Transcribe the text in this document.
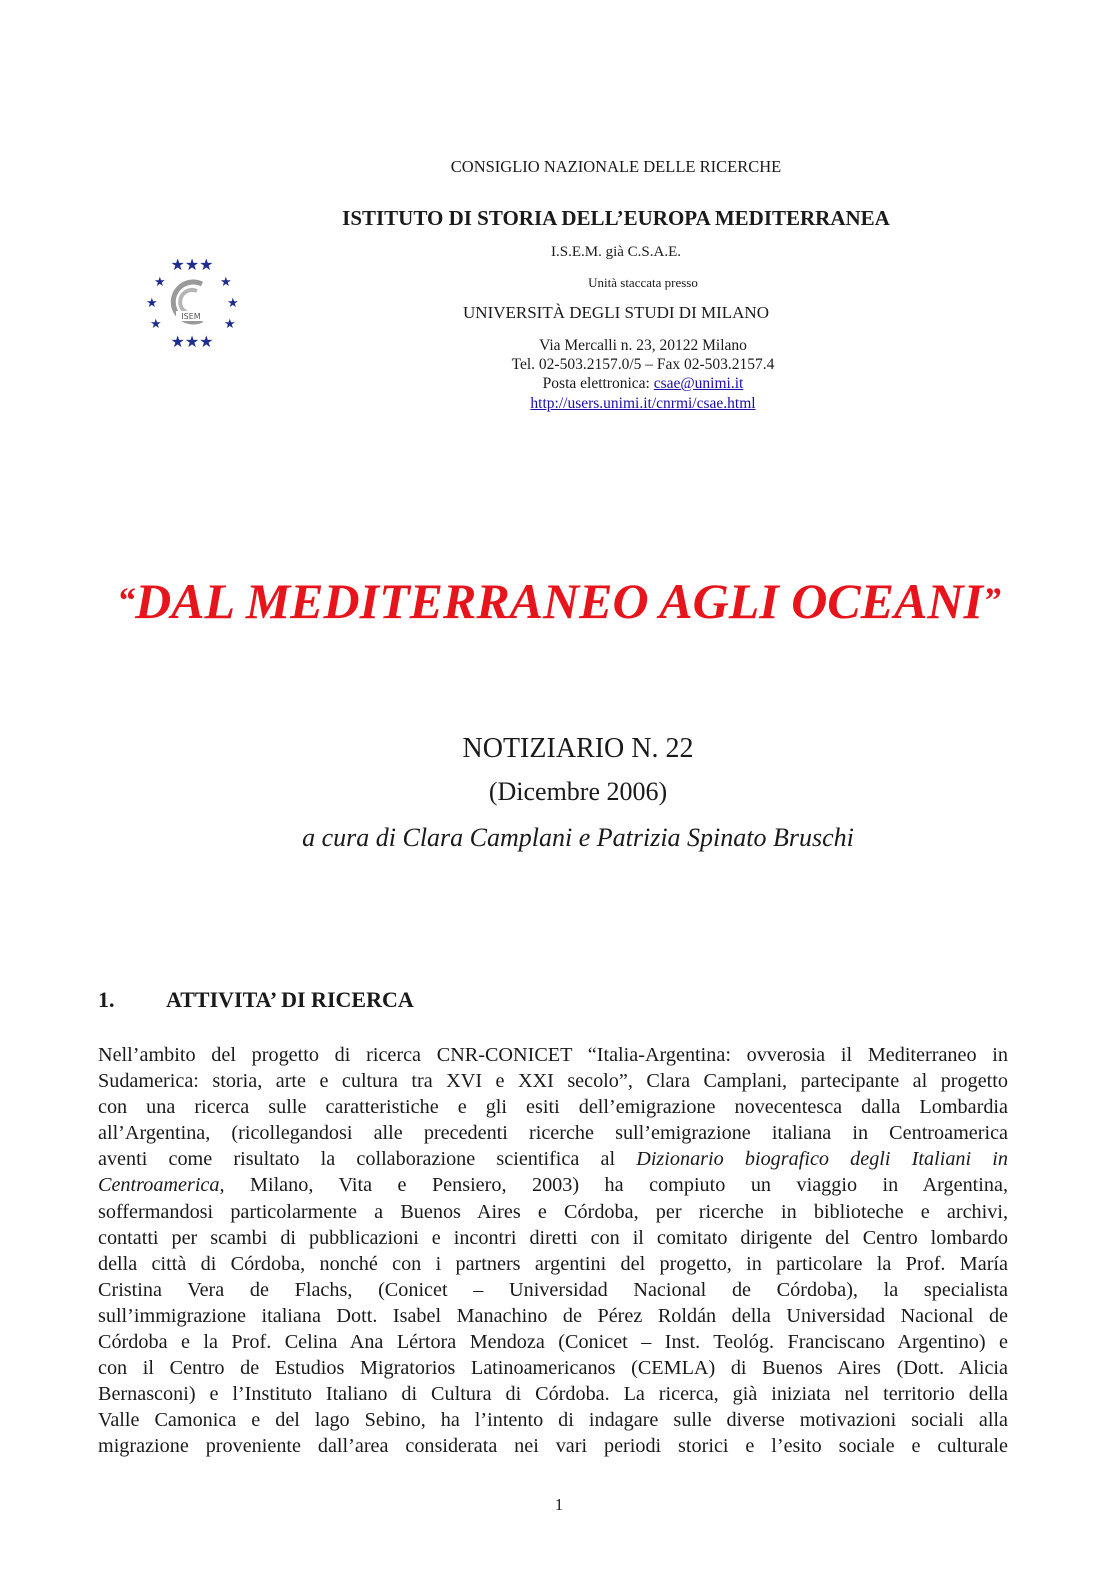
CONSIGLIO NAZIONALE DELLE RICERCHE
ISTITUTO DI STORIA DELL’EUROPA MEDITERRANEA
I.S.E.M. già C.S.A.E.
Unità staccata presso
UNIVERSITÀ DEGLI STUDI DI MILANO
Via Mercalli n. 23, 20122 Milano
Tel. 02-503.2157.0/5 – Fax 02-503.2157.4
Posta elettronica: csae@unimi.it
http://users.unimi.it/cnrmi/csae.html
★★★
★	★
★	★
★	★
★★★
ISEM
“DAL MEDITERRANEO AGLI OCEANI”
NOTIZIARIO N. 22
(Dicembre 2006)
a cura di Clara Camplani e Patrizia Spinato Bruschi
1. ATTIVITA’ DI RICERCA
Nell’ambito del progetto di ricerca CNR-CONICET “Italia-Argentina: ovverosia il Mediterraneo in
Sudamerica: storia, arte e cultura tra XVI e XXI secolo”, Clara Camplani, partecipante al progetto
con una ricerca sulle caratteristiche e gli esiti dell’emigrazione novecentesca dalla Lombardia
all’Argentina, (ricollegandosi alle precedenti ricerche sull’emigrazione italiana in Centroamerica
aventi come risultato la collaborazione scientifica al Dizionario biografico degli Italiani in
Centroamerica, Milano, Vita e Pensiero, 2003) ha compiuto un viaggio in Argentina,
soffermandosi particolarmente a Buenos Aires e Córdoba, per ricerche in biblioteche e archivi,
contatti per scambi di pubblicazioni e incontri diretti con il comitato dirigente del Centro lombardo
della città di Córdoba, nonché con i partners argentini del progetto, in particolare la Prof. María
Cristina Vera de Flachs, (Conicet – Universidad Nacional de Córdoba), la specialista
sull’immigrazione italiana Dott. Isabel Manachino de Pérez Roldán della Universidad Nacional de
Córdoba e la Prof. Celina Ana Lértora Mendoza (Conicet – Inst. Teológ. Franciscano Argentino) e
con il Centro de Estudios Migratorios Latinoamericanos (CEMLA) di Buenos Aires (Dott. Alicia
Bernasconi) e l’Instituto Italiano di Cultura di Córdoba. La ricerca, già iniziata nel territorio della
Valle Camonica e del lago Sebino, ha l’intento di indagare sulle diverse motivazioni sociali alla
migrazione proveniente dall’area considerata nei vari periodi storici e l’esito sociale e culturale
1
